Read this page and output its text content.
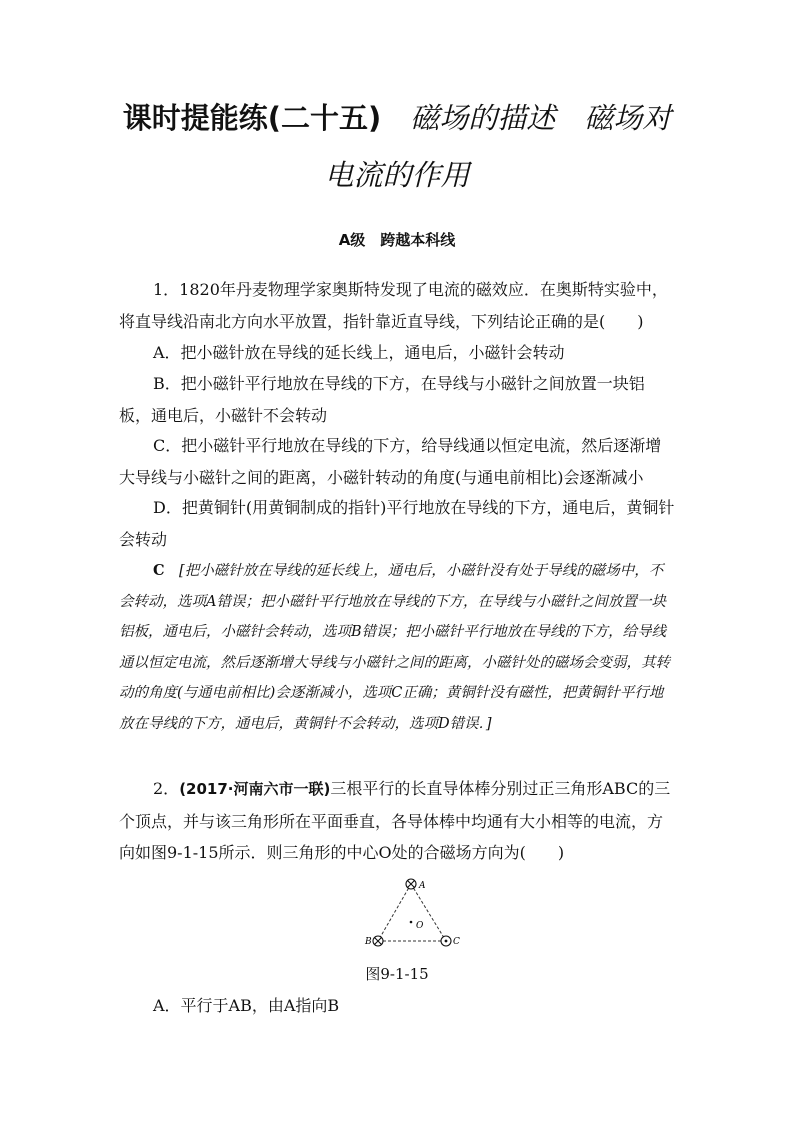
课时提能练(二十五)　磁场的描述　磁场对
电流的作用
A级　跨越本科线
1．1820年丹麦物理学家奥斯特发现了电流的磁效应．在奥斯特实验中，将直导线沿南北方向水平放置，指针靠近直导线，下列结论正确的是(　　)
A．把小磁针放在导线的延长线上，通电后，小磁针会转动
B．把小磁针平行地放在导线的下方，在导线与小磁针之间放置一块铝板，通电后，小磁针不会转动
C．把小磁针平行地放在导线的下方，给导线通以恒定电流，然后逐渐增大导线与小磁针之间的距离，小磁针转动的角度(与通电前相比)会逐渐减小
D．把黄铜针(用黄铜制成的指针)平行地放在导线的下方，通电后，黄铜针会转动
C　[把小磁针放在导线的延长线上，通电后，小磁针没有处于导线的磁场中，不会转动，选项A错误；把小磁针平行地放在导线的下方，在导线与小磁针之间放置一块铝板，通电后，小磁针会转动，选项B错误；把小磁针平行地放在导线的下方，给导线通以恒定电流，然后逐渐增大导线与小磁针之间的距离，小磁针处的磁场会变弱，其转动的角度(与通电前相比)会逐渐减小，选项C正确；黄铜针没有磁性，把黄铜针平行地放在导线的下方，通电后，黄铜针不会转动，选项D错误．]
2．(2017·河南六市一联)三根平行的长直导体棒分别过正三角形ABC的三个顶点，并与该三角形所在平面垂直，各导体棒中均通有大小相等的电流，方向如图9-1-15所示．则三角形的中心O处的合磁场方向为(　　)
A
B	C
O
图9-1-15
A．平行于AB，由A指向B
